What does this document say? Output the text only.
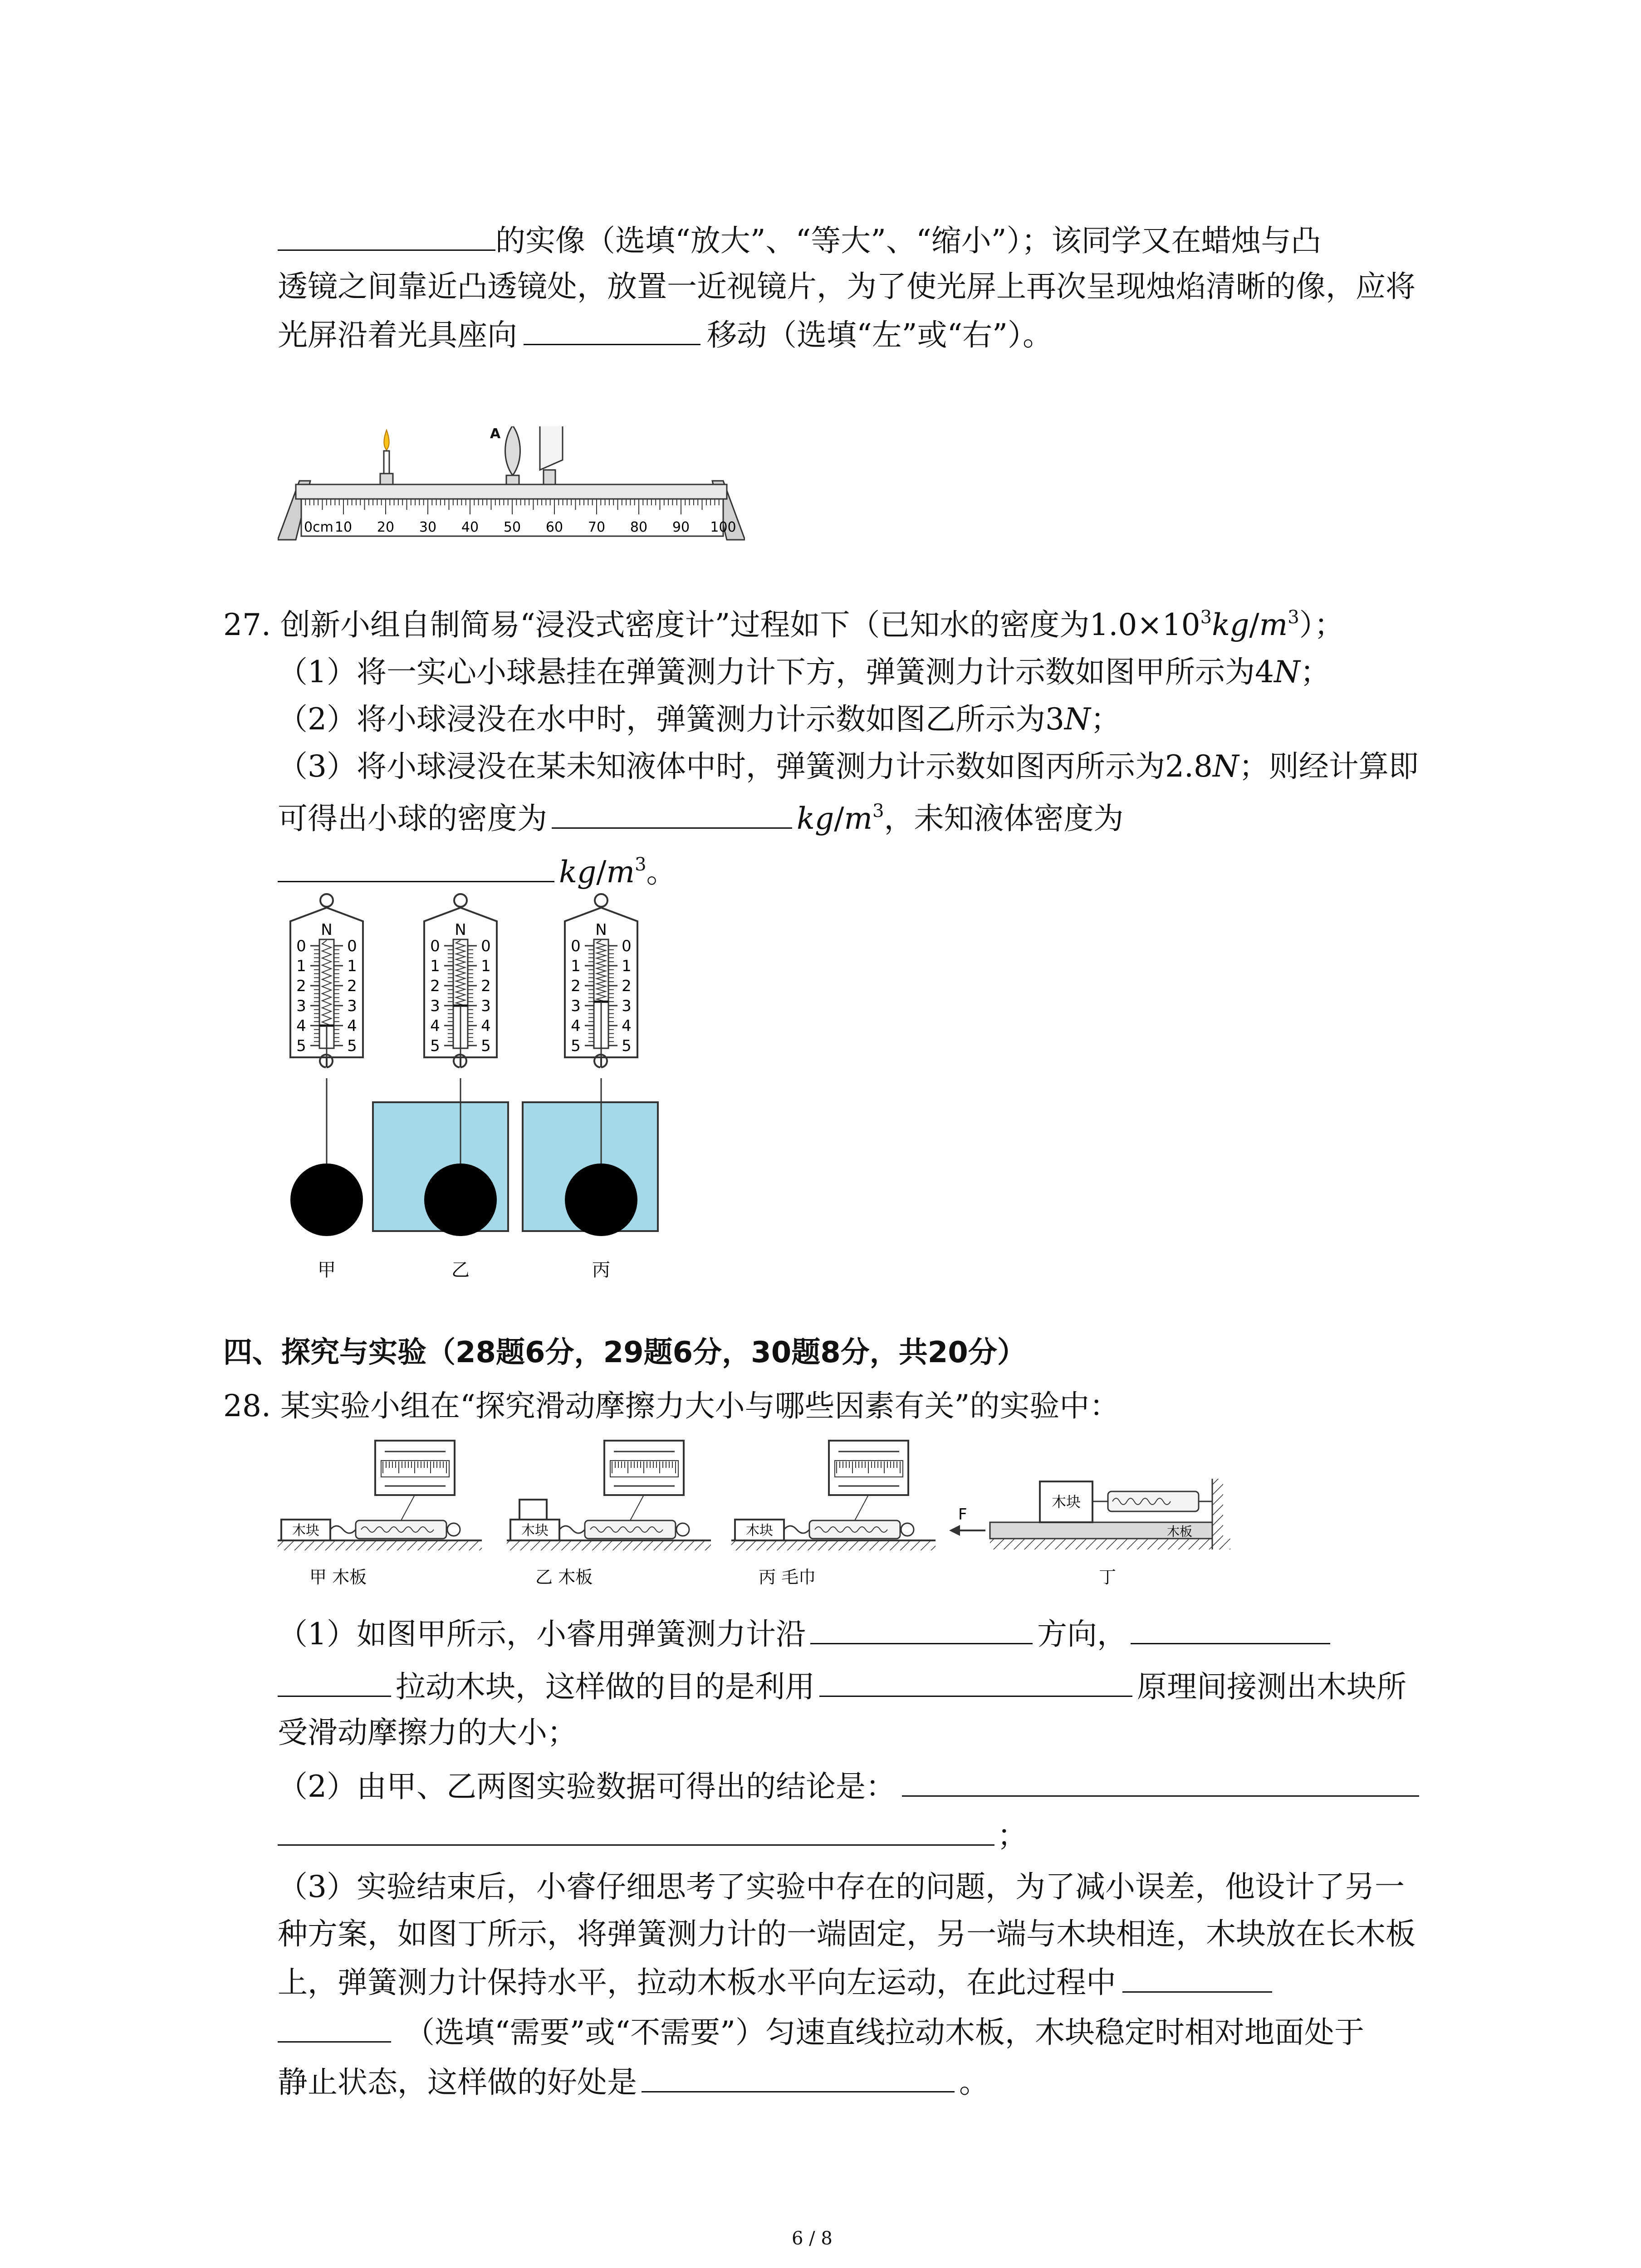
的实像（选填“放大”、“等大”、“缩小”）；该同学又在蜡烛与凸
透镜之间靠近凸透镜处，放置一近视镜片，为了使光屏上再次呈现烛焰清晰的像，应将
光屏沿着光具座向	移动（选填“左”或“右”）。
0cm 10 20 30 40 50 60 70 80 90 100
A
27. 创新小组自制简易“浸没式密度计”过程如下（已知水的密度为$1.0\times 10^3kg/m^3$）；
（1）将一实心小球悬挂在弹簧测力计下方，弹簧测力计示数如图甲所示为4N；
（2）将小球浸没在水中时，弹簧测力计示数如图乙所示为3N；
（3）将小球浸没在某未知液体中时，弹簧测力计示数如图丙所示为2.8N；则经计算即
可得出小球的密度为	$kg/m^3$，未知液体密度为
$kg/m^3$。
N
0	0
1	1
2	2
3	3
4	4
5	5
N
0	0
1	1
2	2
3	3
4	4
5	5
N
0	0
1	1
2	2
3	3
4	4
5	5
甲	乙	丙
四、探究与实验（28题6分，29题6分，30题8分，共20分）
28. 某实验小组在“探究滑动摩擦力大小与哪些因素有关”的实验中：
木块	木块	木块	木板
木块
F
甲 木板	乙 木板	丙 毛巾	丁
（1）如图甲所示，小睿用弹簧测力计沿	方向，
拉动木块，这样做的目的是利用	原理间接测出木块所
受滑动摩擦力的大小；
（2）由甲、乙两图实验数据可得出的结论是：
；
（3）实验结束后，小睿仔细思考了实验中存在的问题，为了减小误差，他设计了另一
种方案，如图丁所示，将弹簧测力计的一端固定，另一端与木块相连，木块放在长木板
上，弹簧测力计保持水平，拉动木板水平向左运动，在此过程中
（选填“需要”或“不需要”）匀速直线拉动木板，木块稳定时相对地面处于
静止状态，这样做的好处是	。
6 / 8
